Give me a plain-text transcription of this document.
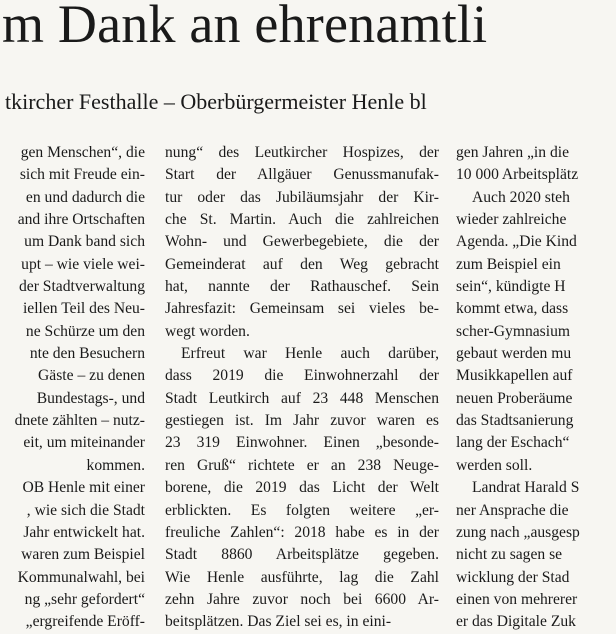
m Dank an ehrenamtli
tkircher Festhalle – Oberbürgermeister Henle bl
gen Menschen“, die
sich mit Freude ein-
en und dadurch die
and ihre Ortschaften
um Dank band sich
upt – wie viele wei-
der Stadtverwaltung
iellen Teil des Neu-
ne Schürze um den
nte den Besuchern
Gäste – zu denen
Bundestags-, und
dnete zählten – nutz-
eit, um miteinander
kommen.
OB Henle mit einer
, wie sich die Stadt
Jahr entwickelt hat.
waren zum Beispiel
Kommunalwahl, bei
ng „sehr gefordert“
„ergreifende Eröff-
nung“ des Leutkircher Hospizes, der
Start der Allgäuer Genussmanufak-
tur oder das Jubiläumsjahr der Kir-
che St. Martin. Auch die zahlreichen
Wohn- und Gewerbegebiete, die der
Gemeinderat auf den Weg gebracht
hat, nannte der Rathauschef. Sein
Jahresfazit: Gemeinsam sei vieles be-
wegt worden.
Erfreut war Henle auch darüber,
dass 2019 die Einwohnerzahl der
Stadt Leutkirch auf 23 448 Menschen
gestiegen ist. Im Jahr zuvor waren es
23 319 Einwohner. Einen „besonde-
ren Gruß“ richtete er an 238 Neuge-
borene, die 2019 das Licht der Welt
erblickten. Es folgten weitere „er-
freuliche Zahlen“: 2018 habe es in der
Stadt 8860 Arbeitsplätze gegeben.
Wie Henle ausführte, lag die Zahl
zehn Jahre zuvor noch bei 6600 Ar-
beitsplätzen. Das Ziel sei es, in eini-
gen Jahren „in die
10 000 Arbeitsplätz
Auch 2020 steh
wieder zahlreiche
Agenda. „Die Kind
zum Beispiel ein
sein“, kündigte H
kommt etwa, dass
scher-Gymnasium
gebaut werden mu
Musikkapellen auf
neuen Proberäume
das Stadtsanierung
lang der Eschach“
werden soll.
Landrat Harald S
ner Ansprache die
zung nach „ausgesp
nicht zu sagen se
wicklung der Stad
einen von mehrerer
er das Digitale Zuk
